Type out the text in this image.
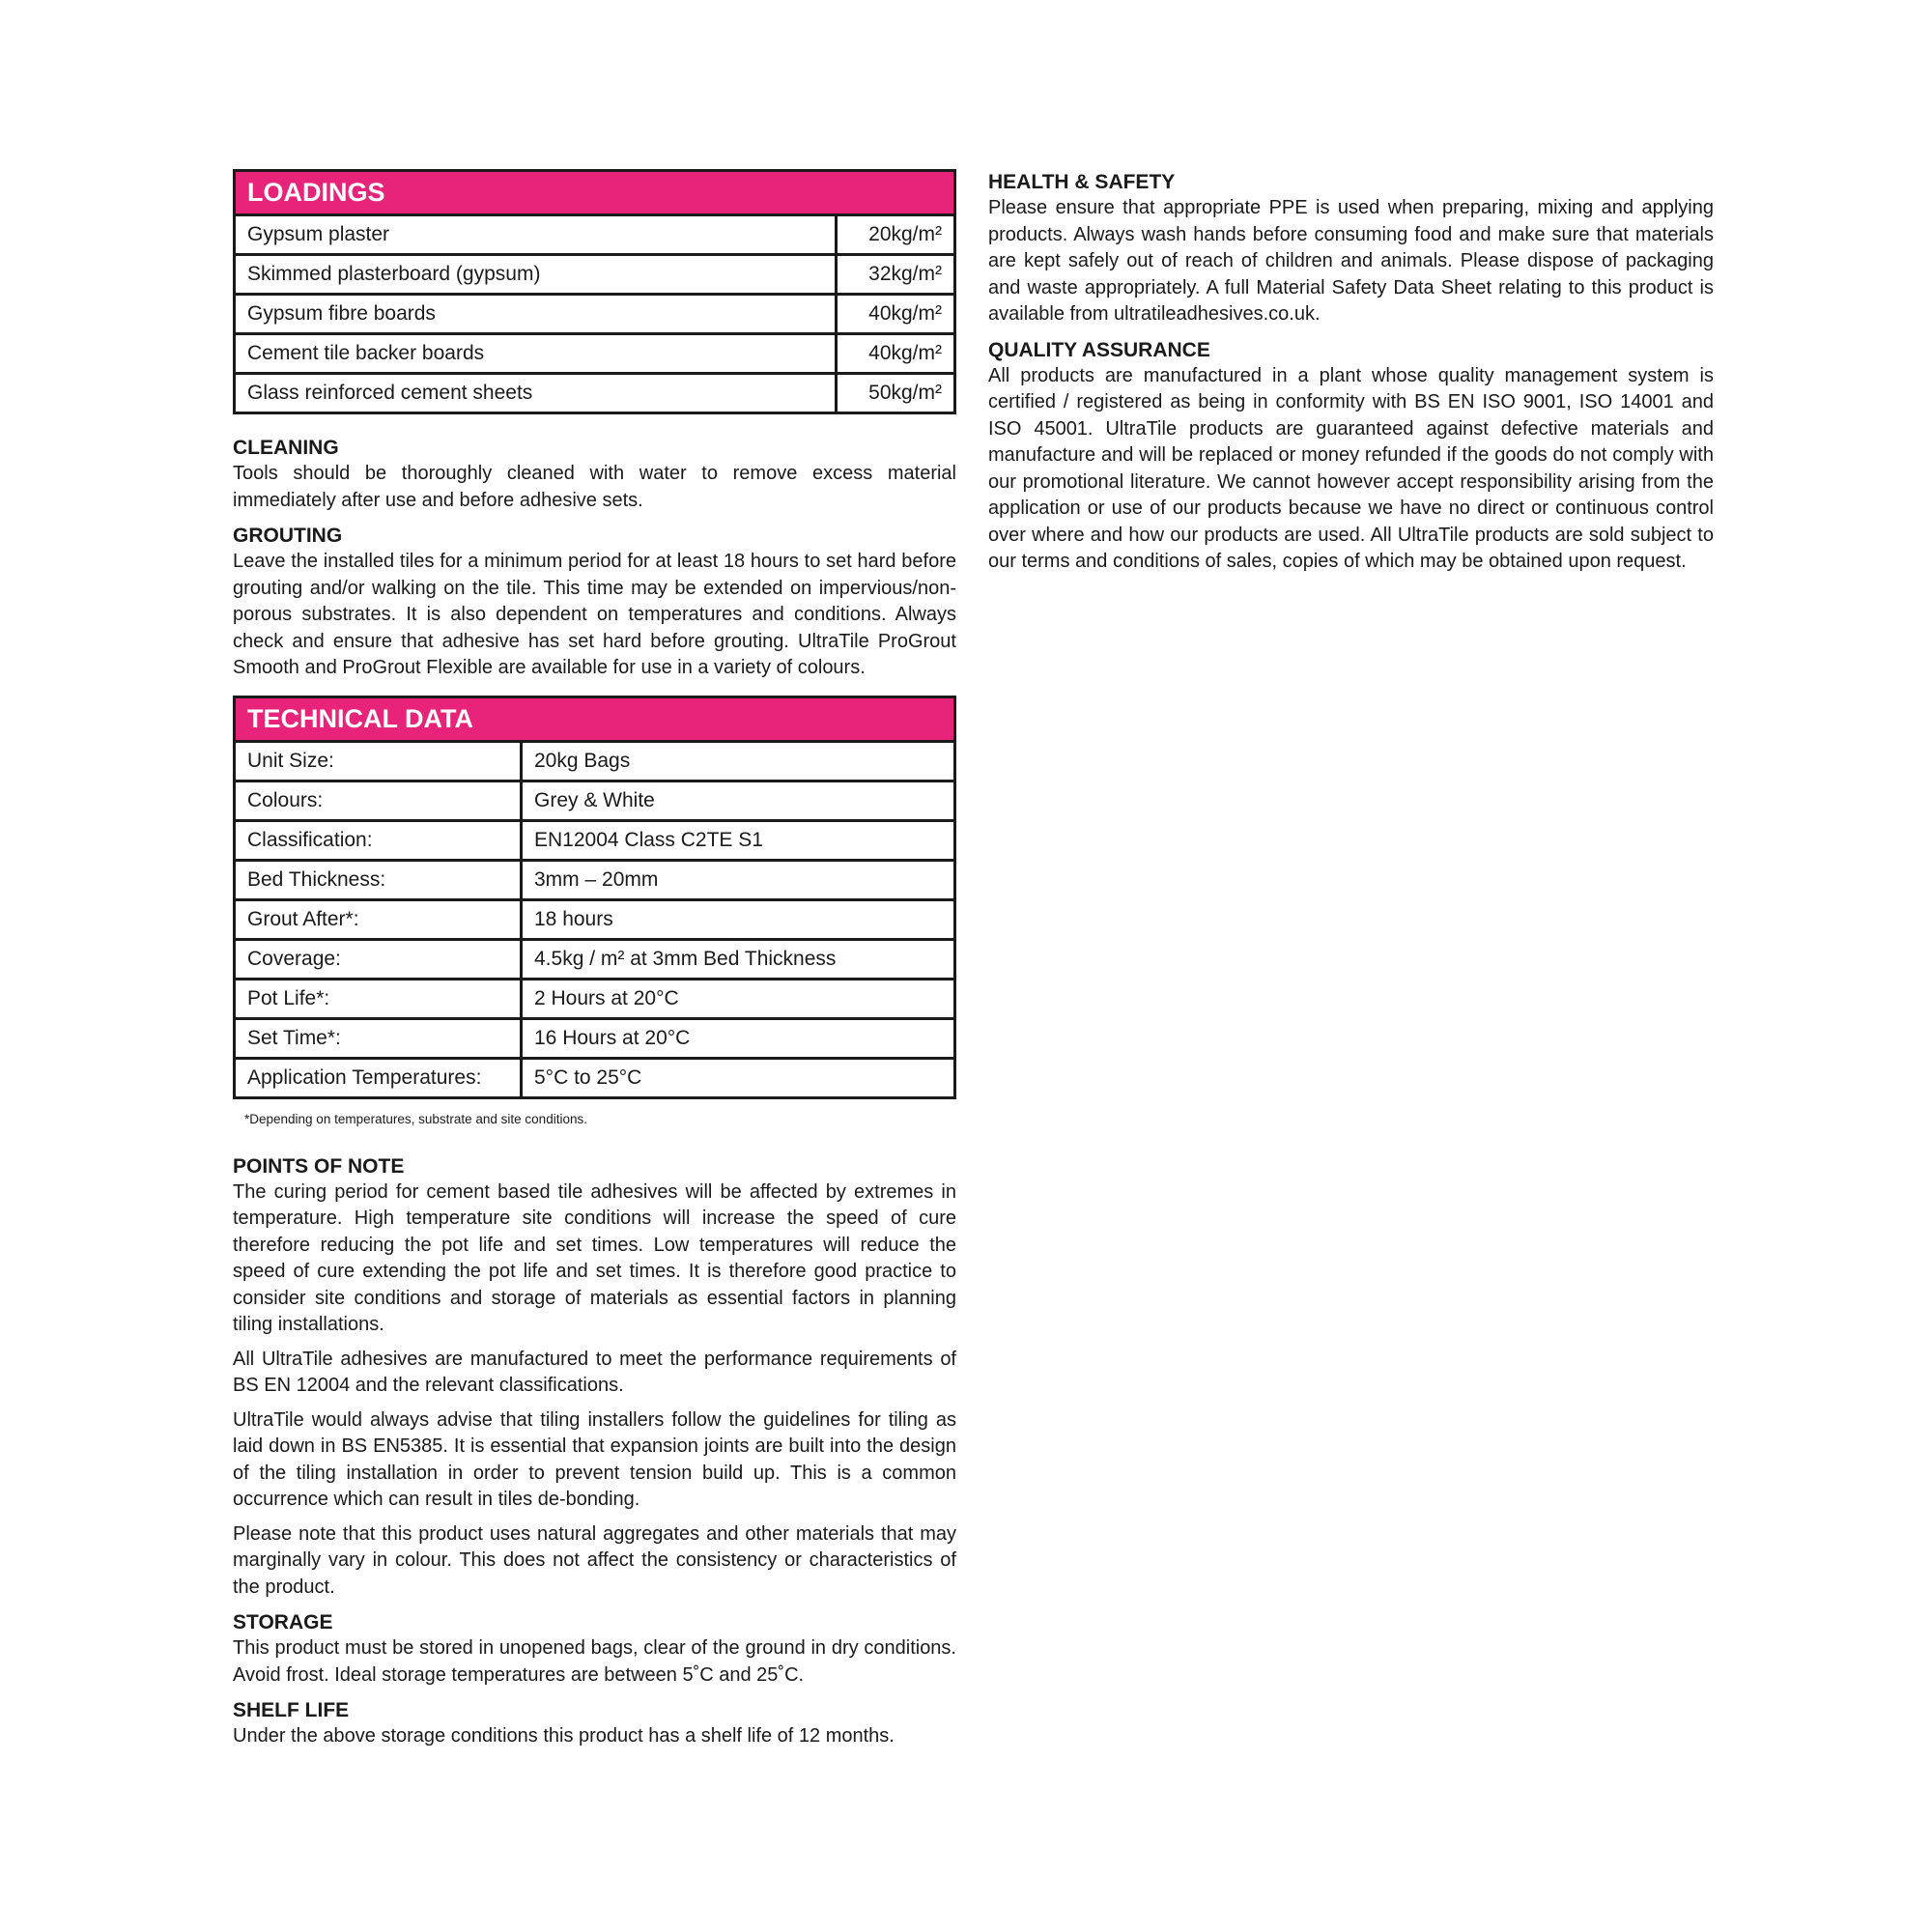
LOADINGS	
Gypsum plaster	20kg/m²
Skimmed plasterboard (gypsum)	32kg/m²
Gypsum fibre boards	40kg/m²
Cement tile backer boards	40kg/m²
Glass reinforced cement sheets	50kg/m²
CLEANING

Tools should be thoroughly cleaned with water to remove excess material immediately after use and before adhesive sets.

GROUTING

Leave the installed tiles for a minimum period for at least 18 hours to set hard before grouting and/or walking on the tile. This time may be extended on impervious/non-porous substrates. It is also dependent on temperatures and conditions. Always check and ensure that adhesive has set hard before grouting. UltraTile ProGrout Smooth and ProGrout Flexible are available for use in a variety of colours.

TECHNICAL DATA	
Unit Size:	20kg Bags
Colours:	Grey & White
Classification:	EN12004 Class C2TE S1
Bed Thickness:	3mm – 20mm
Grout After*:	18 hours
Coverage:	4.5kg / m² at 3mm Bed Thickness
Pot Life*:	2 Hours at 20°C
Set Time*:	16 Hours at 20°C
Application Temperatures:	5°C to 25°C
*Depending on temperatures, substrate and site conditions.
POINTS OF NOTE

The curing period for cement based tile adhesives will be affected by extremes in temperature. High temperature site conditions will increase the speed of cure therefore reducing the pot life and set times. Low temperatures will reduce the speed of cure extending the pot life and set times. It is therefore good practice to consider site conditions and storage of materials as essential factors in planning tiling installations.

All UltraTile adhesives are manufactured to meet the performance requirements of BS EN 12004 and the relevant classifications.

UltraTile would always advise that tiling installers follow the guidelines for tiling as laid down in BS EN5385. It is essential that expansion joints are built into the design of the tiling installation in order to prevent tension build up. This is a common occurrence which can result in tiles de-bonding.

Please note that this product uses natural aggregates and other materials that may marginally vary in colour. This does not affect the consistency or characteristics of the product.

STORAGE

This product must be stored in unopened bags, clear of the ground in dry conditions. Avoid frost. Ideal storage temperatures are between 5˚C and 25˚C.

SHELF LIFE

Under the above storage conditions this product has a shelf life of 12 months.

HEALTH & SAFETY

Please ensure that appropriate PPE is used when preparing, mixing and applying products. Always wash hands before consuming food and make sure that materials are kept safely out of reach of children and animals. Please dispose of packaging and waste appropriately. A full Material Safety Data Sheet relating to this product is available from ultratileadhesives.co.uk.

QUALITY ASSURANCE

All products are manufactured in a plant whose quality management system is certified / registered as being in conformity with BS EN ISO 9001, ISO 14001 and ISO 45001. UltraTile products are guaranteed against defective materials and manufacture and will be replaced or money refunded if the goods do not comply with our promotional literature. We cannot however accept responsibility arising from the application or use of our products because we have no direct or continuous control over where and how our products are used. All UltraTile products are sold subject to our terms and conditions of sales, copies of which may be obtained upon request.
